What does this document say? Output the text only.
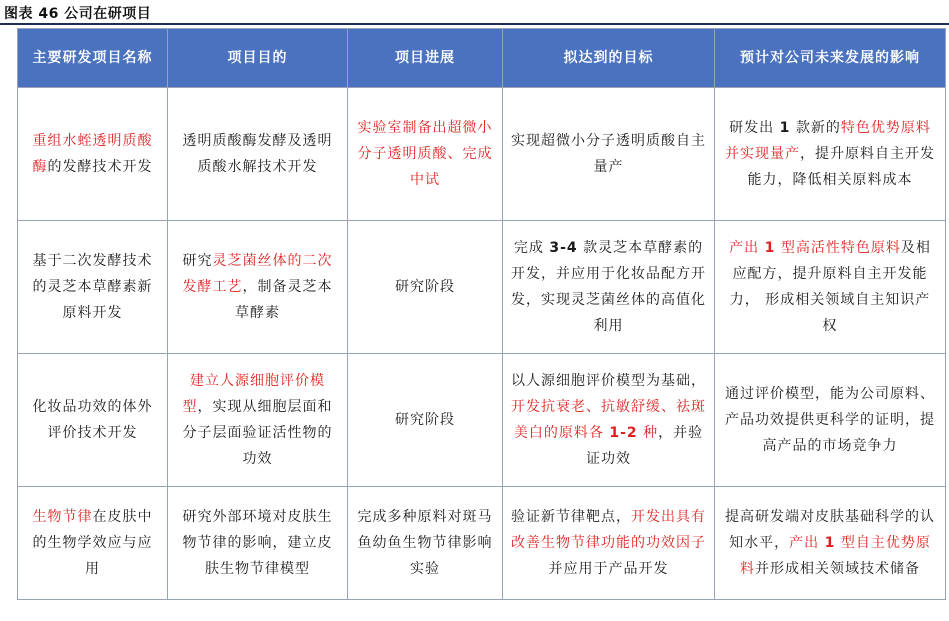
图表 46 公司在研项目
主要研发项目名称	项目目的	项目进展	拟达到的目标	预计对公司未来发展的影响
重组水蛭透明质酸酶的发酵技术开发	透明质酸酶发酵及透明质酸水解技术开发	实验室制备出超微小分子透明质酸、完成中试	实现超微小分子透明质酸自主量产	研发出 1 款新的特色优势原料并实现量产，提升原料自主开发能力，降低相关原料成本
基于二次发酵技术的灵芝本草酵素新原料开发	研究灵芝菌丝体的二次发酵工艺，制备灵芝本草酵素	研究阶段	完成 3-4 款灵芝本草酵素的开发，并应用于化妆品配方开发，实现灵芝菌丝体的高值化利用	产出 1 型高活性特色原料及相应配方，提升原料自主开发能力， 形成相关领域自主知识产权
化妆品功效的体外评价技术开发	建立人源细胞评价模型，实现从细胞层面和分子层面验证活性物的功效	研究阶段	以人源细胞评价模型为基础，开发抗衰老、抗敏舒缓、祛斑美白的原料各 1-2 种，并验证功效	通过评价模型，能为公司原料、产品功效提供更科学的证明，提高产品的市场竞争力
生物节律在皮肤中的生物学效应与应用	研究外部环境对皮肤生物节律的影响，建立皮肤生物节律模型	完成多种原料对斑马鱼幼鱼生物节律影响实验	验证新节律靶点，开发出具有改善生物节律功能的功效因子并应用于产品开发	提高研发端对皮肤基础科学的认知水平，产出 1 型自主优势原料并形成相关领域技术储备
